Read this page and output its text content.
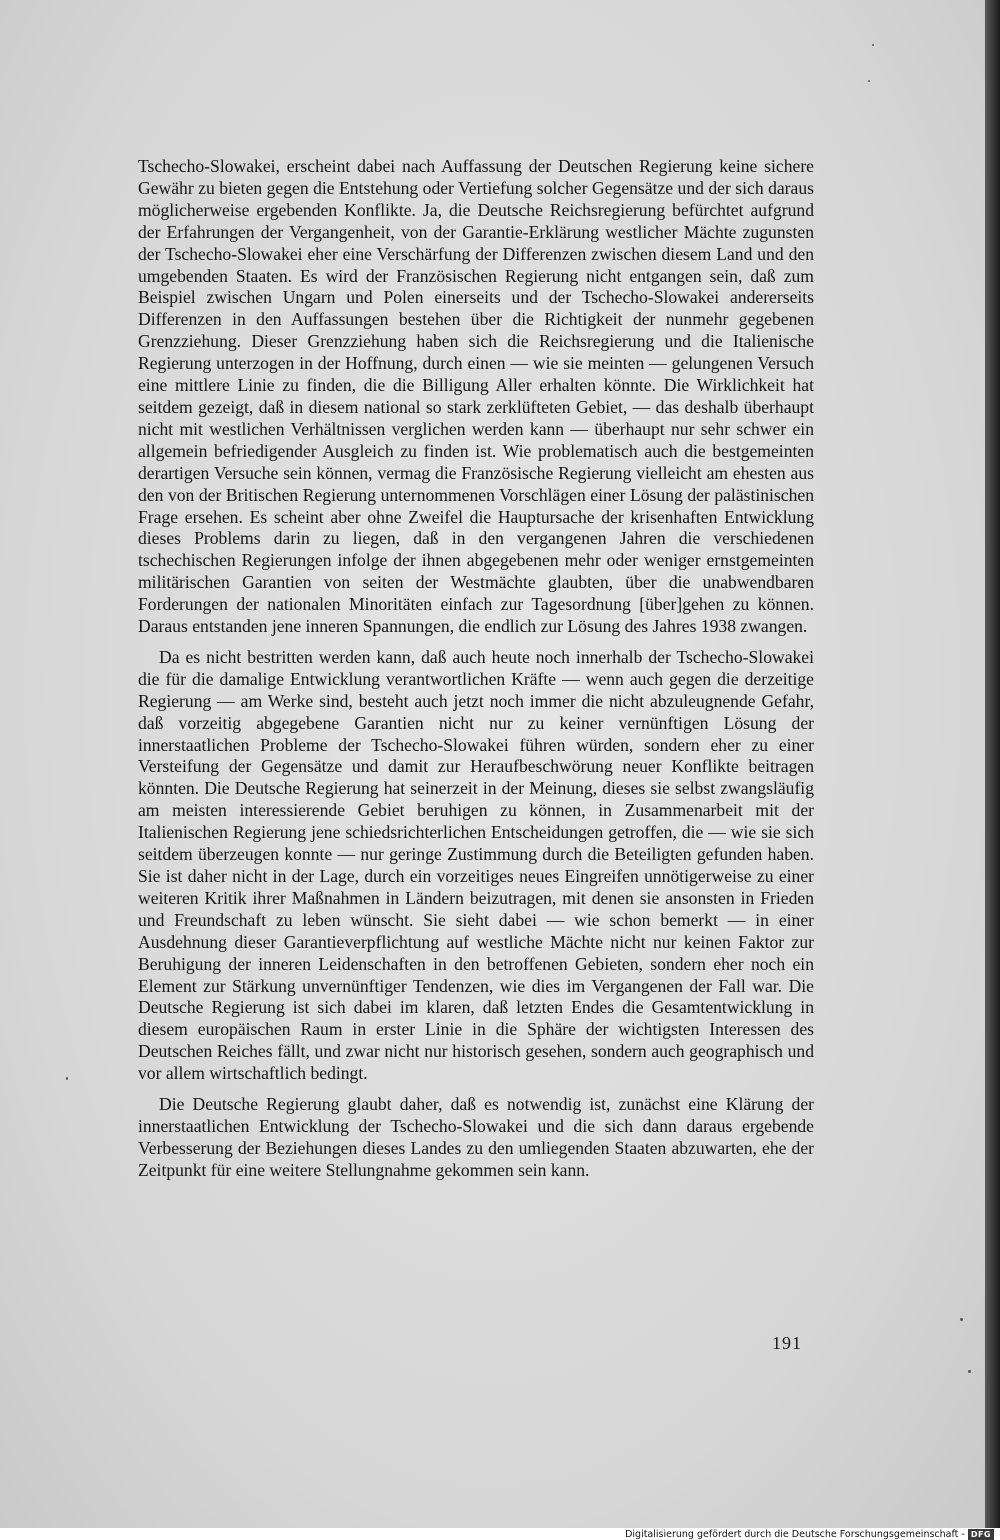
Tschecho-Slowakei, erscheint dabei nach Auffassung der Deutschen Regierung keine sichere Gewähr zu bieten gegen die Entstehung oder Vertiefung solcher Gegensätze und der sich daraus möglicherweise ergebenden Konflikte. Ja, die Deutsche Reichsregierung befürchtet aufgrund der Erfahrungen der Vergangenheit, von der Garantie-Erklärung westlicher Mächte zugunsten der Tschecho-Slowakei eher eine Verschärfung der Differenzen zwischen diesem Land und den umgebenden Staaten. Es wird der Französischen Regierung nicht entgangen sein, daß zum Beispiel zwischen Ungarn und Polen einerseits und der Tschecho-Slowakei andererseits Differenzen in den Auffassungen bestehen über die Richtigkeit der nunmehr gegebenen Grenzziehung. Dieser Grenzziehung haben sich die Reichsregierung und die Italienische Regierung unterzogen in der Hoffnung, durch einen — wie sie meinten — gelungenen Versuch eine mittlere Linie zu finden, die die Billigung Aller erhalten könnte. Die Wirklichkeit hat seitdem gezeigt, daß in diesem national so stark zerklüfteten Gebiet, — das deshalb überhaupt nicht mit westlichen Verhältnissen verglichen werden kann — überhaupt nur sehr schwer ein allgemein befriedigender Ausgleich zu finden ist. Wie problematisch auch die bestgemeinten derartigen Versuche sein können, vermag die Französische Regierung vielleicht am ehesten aus den von der Britischen Regierung unternommenen Vorschlägen einer Lösung der palästinischen Frage ersehen. Es scheint aber ohne Zweifel die Hauptursache der krisenhaften Entwicklung dieses Problems darin zu liegen, daß in den vergangenen Jahren die verschiedenen tschechischen Regierungen infolge der ihnen abgegebenen mehr oder weniger ernstgemeinten militärischen Garantien von seiten der Westmächte glaubten, über die unabwendbaren Forderungen der nationalen Minoritäten einfach zur Tagesordnung [über]gehen zu können. Daraus entstanden jene inneren Spannungen, die endlich zur Lösung des Jahres 1938 zwangen.

Da es nicht bestritten werden kann, daß auch heute noch innerhalb der Tschecho-Slowakei die für die damalige Entwicklung verantwortlichen Kräfte — wenn auch gegen die derzeitige Regierung — am Werke sind, besteht auch jetzt noch immer die nicht abzuleugnende Gefahr, daß vorzeitig abgegebene Garantien nicht nur zu keiner vernünftigen Lösung der innerstaatlichen Probleme der Tschecho-Slowakei führen würden, sondern eher zu einer Versteifung der Gegensätze und damit zur Heraufbeschwörung neuer Konflikte beitragen könnten. Die Deutsche Regierung hat seinerzeit in der Meinung, dieses sie selbst zwangsläufig am meisten interessierende Gebiet beruhigen zu können, in Zusammenarbeit mit der Italienischen Regierung jene schiedsrichterlichen Entscheidungen getroffen, die — wie sie sich seitdem überzeugen konnte — nur geringe Zustimmung durch die Beteiligten gefunden haben. Sie ist daher nicht in der Lage, durch ein vorzeitiges neues Eingreifen unnötigerweise zu einer weiteren Kritik ihrer Maßnahmen in Ländern beizutragen, mit denen sie ansonsten in Frieden und Freundschaft zu leben wünscht. Sie sieht dabei — wie schon bemerkt — in einer Ausdehnung dieser Garantieverpflichtung auf westliche Mächte nicht nur keinen Faktor zur Beruhigung der inneren Leidenschaften in den betroffenen Gebieten, sondern eher noch ein Element zur Stärkung unvernünftiger Tendenzen, wie dies im Vergangenen der Fall war. Die Deutsche Regierung ist sich dabei im klaren, daß letzten Endes die Gesamtentwicklung in diesem europäischen Raum in erster Linie in die Sphäre der wichtigsten Interessen des Deutschen Reiches fällt, und zwar nicht nur historisch gesehen, sondern auch geographisch und vor allem wirtschaftlich bedingt.

Die Deutsche Regierung glaubt daher, daß es notwendig ist, zunächst eine Klärung der innerstaatlichen Entwicklung der Tschecho-Slowakei und die sich dann daraus ergebende Verbesserung der Beziehungen dieses Landes zu den umliegenden Staaten abzuwarten, ehe der Zeitpunkt für eine weitere Stellungnahme gekommen sein kann.

191
Digitalisierung gefördert durch die Deutsche Forschungsgemeinschaft - DFG
